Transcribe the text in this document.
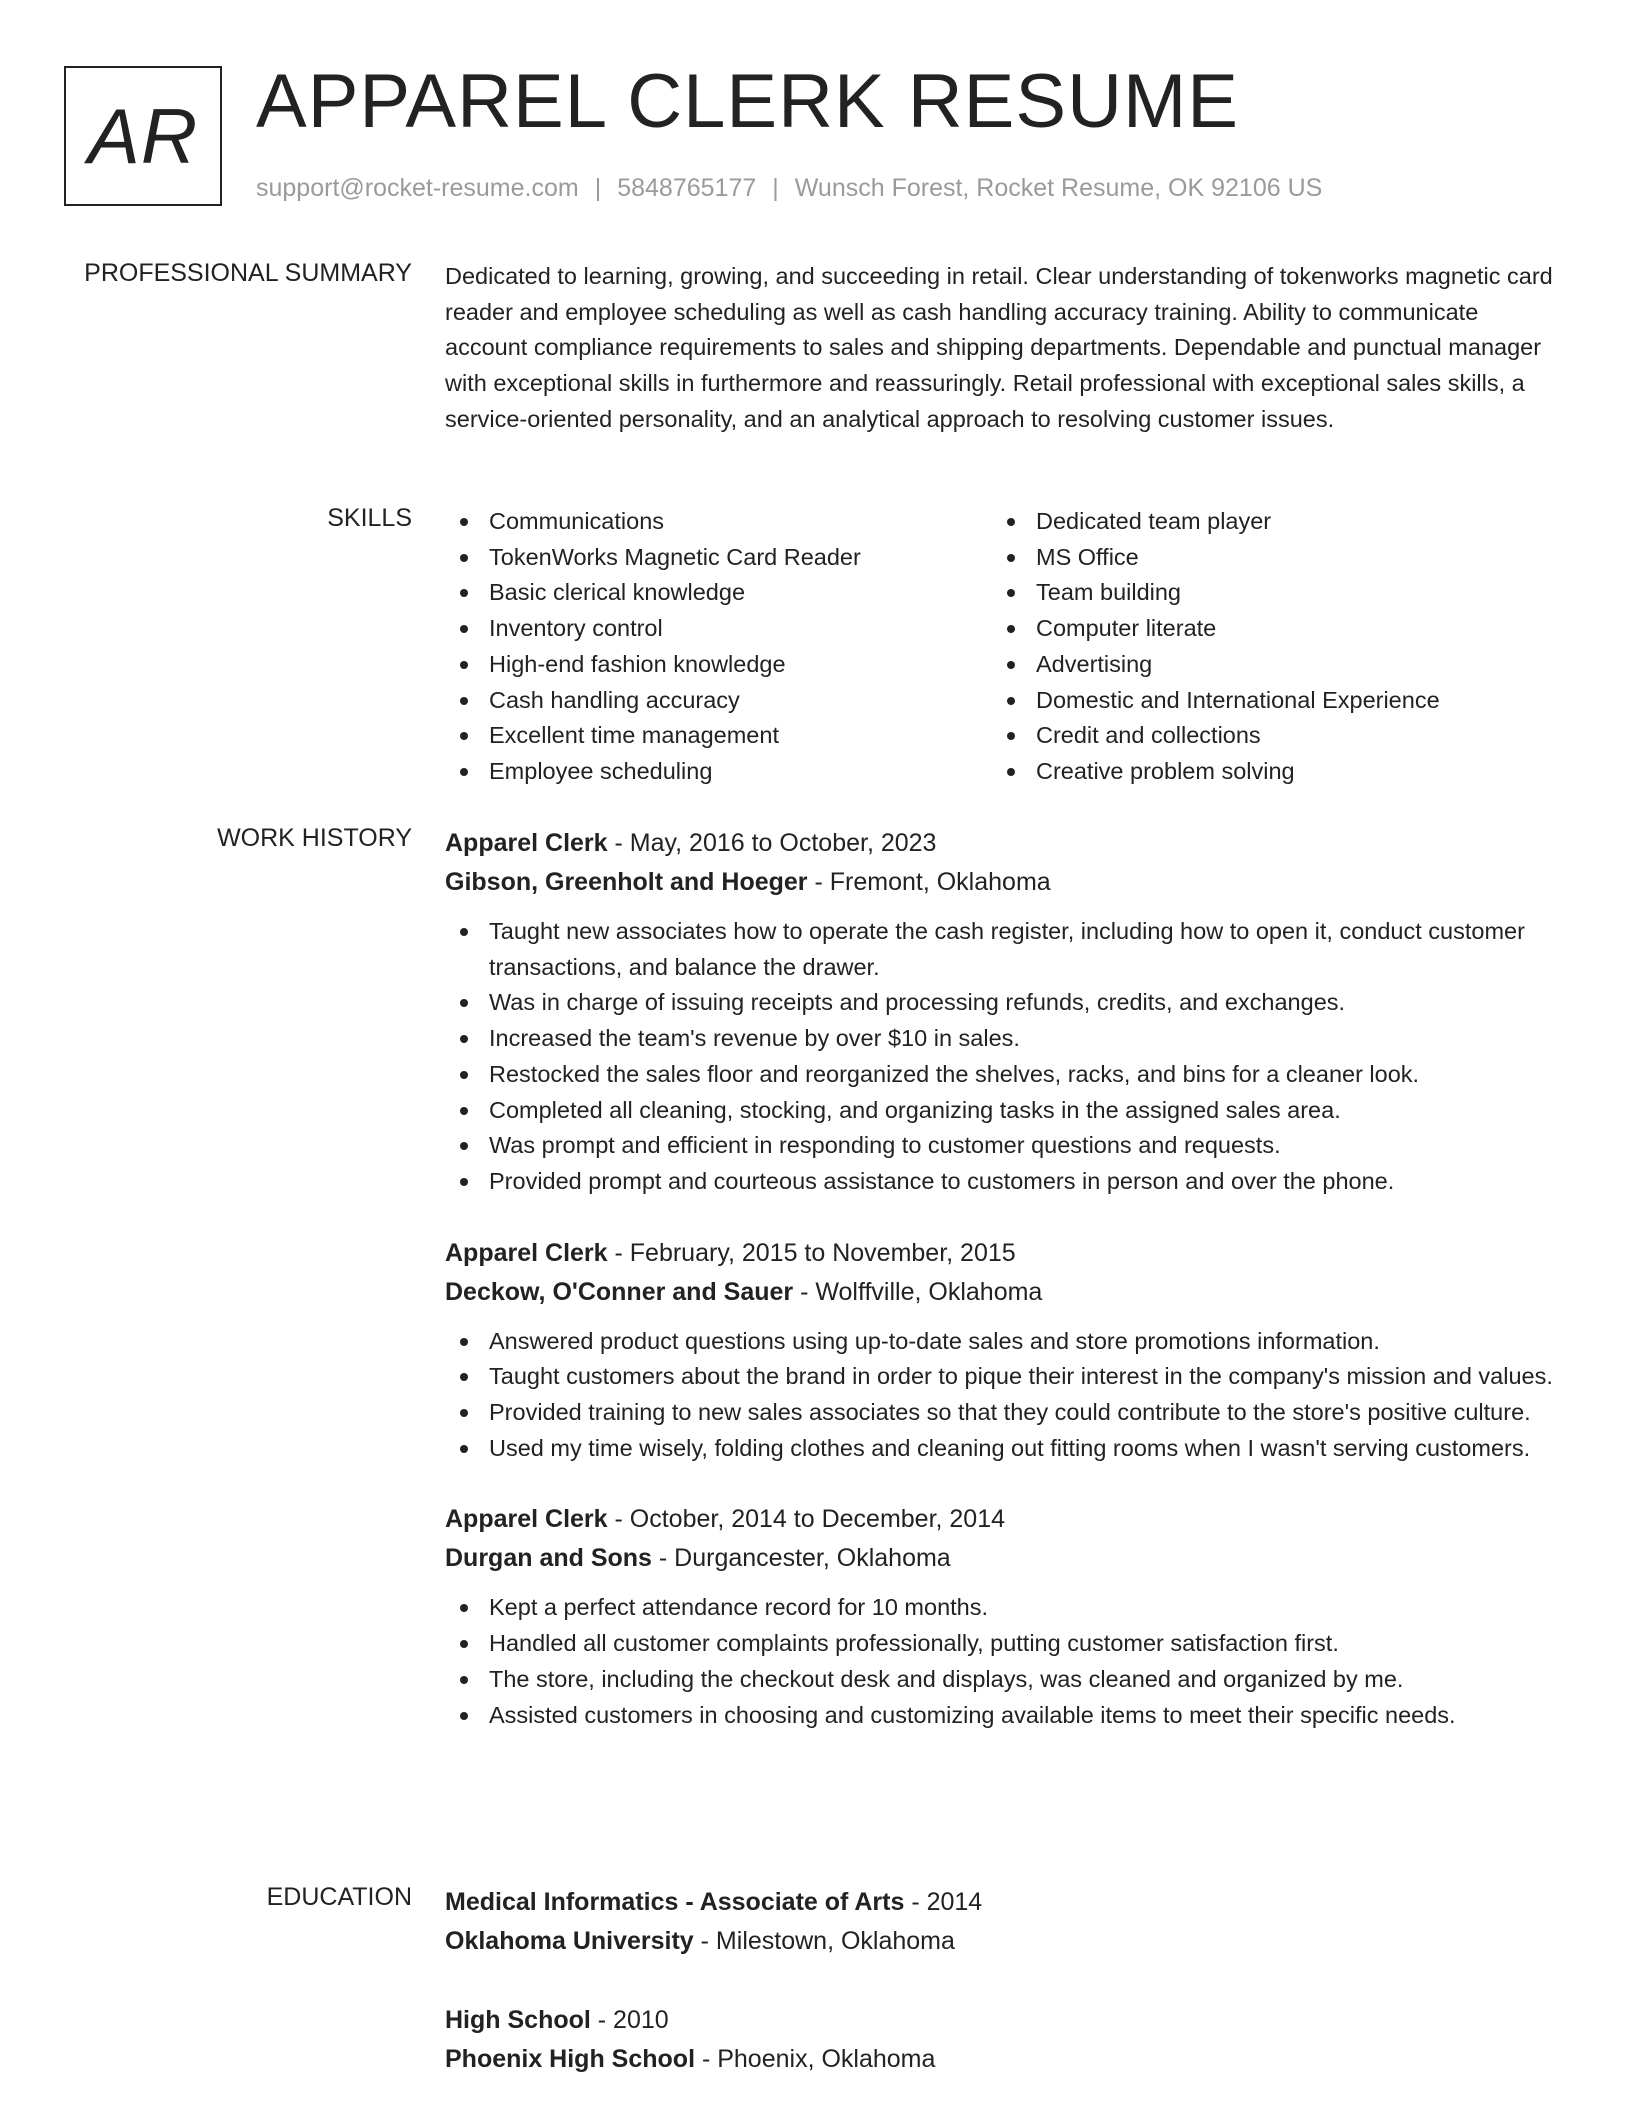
AR APPAREL CLERK RESUME
support@rocket-resume.com | 5848765177 | Wunsch Forest, Rocket Resume, OK 92106 US
PROFESSIONAL SUMMARY Dedicated to learning, growing, and succeeding in retail. Clear understanding of tokenworks magnetic card reader and employee scheduling as well as cash handling accuracy training. Ability to communicate account compliance requirements to sales and shipping departments. Dependable and punctual manager with exceptional skills in furthermore and reassuringly. Retail professional with exceptional sales skills, a service-oriented personality, and an analytical approach to resolving customer issues.

SKILLS	Communications
TokenWorks Magnetic Card Reader
Basic clerical knowledge
Inventory control
High-end fashion knowledge
Cash handling accuracy
Excellent time management
Employee scheduling
Dedicated team player
MS Office
Team building
Computer literate
Advertising
Domestic and International Experience
Credit and collections
Creative problem solving
WORK HISTORY Apparel Clerk - May, 2016 to October, 2023
Gibson, Greenholt and Hoeger - Fremont, Oklahoma
Taught new associates how to operate the cash register, including how to open it, conduct customer transactions, and balance the drawer.
Was in charge of issuing receipts and processing refunds, credits, and exchanges.
Increased the team's revenue by over $10 in sales.
Restocked the sales floor and reorganized the shelves, racks, and bins for a cleaner look.
Completed all cleaning, stocking, and organizing tasks in the assigned sales area.
Was prompt and efficient in responding to customer questions and requests.
Provided prompt and courteous assistance to customers in person and over the phone.
Apparel Clerk - February, 2015 to November, 2015
Deckow, O'Conner and Sauer - Wolffville, Oklahoma
Answered product questions using up-to-date sales and store promotions information.
Taught customers about the brand in order to pique their interest in the company's mission and values.
Provided training to new sales associates so that they could contribute to the store's positive culture.
Used my time wisely, folding clothes and cleaning out fitting rooms when I wasn't serving customers.
Apparel Clerk - October, 2014 to December, 2014
Durgan and Sons - Durgancester, Oklahoma
Kept a perfect attendance record for 10 months.
Handled all customer complaints professionally, putting customer satisfaction first.
The store, including the checkout desk and displays, was cleaned and organized by me.
Assisted customers in choosing and customizing available items to meet their specific needs.
EDUCATION Medical Informatics - Associate of Arts - 2014
Oklahoma University - Milestown, Oklahoma
High School - 2010
Phoenix High School - Phoenix, Oklahoma
